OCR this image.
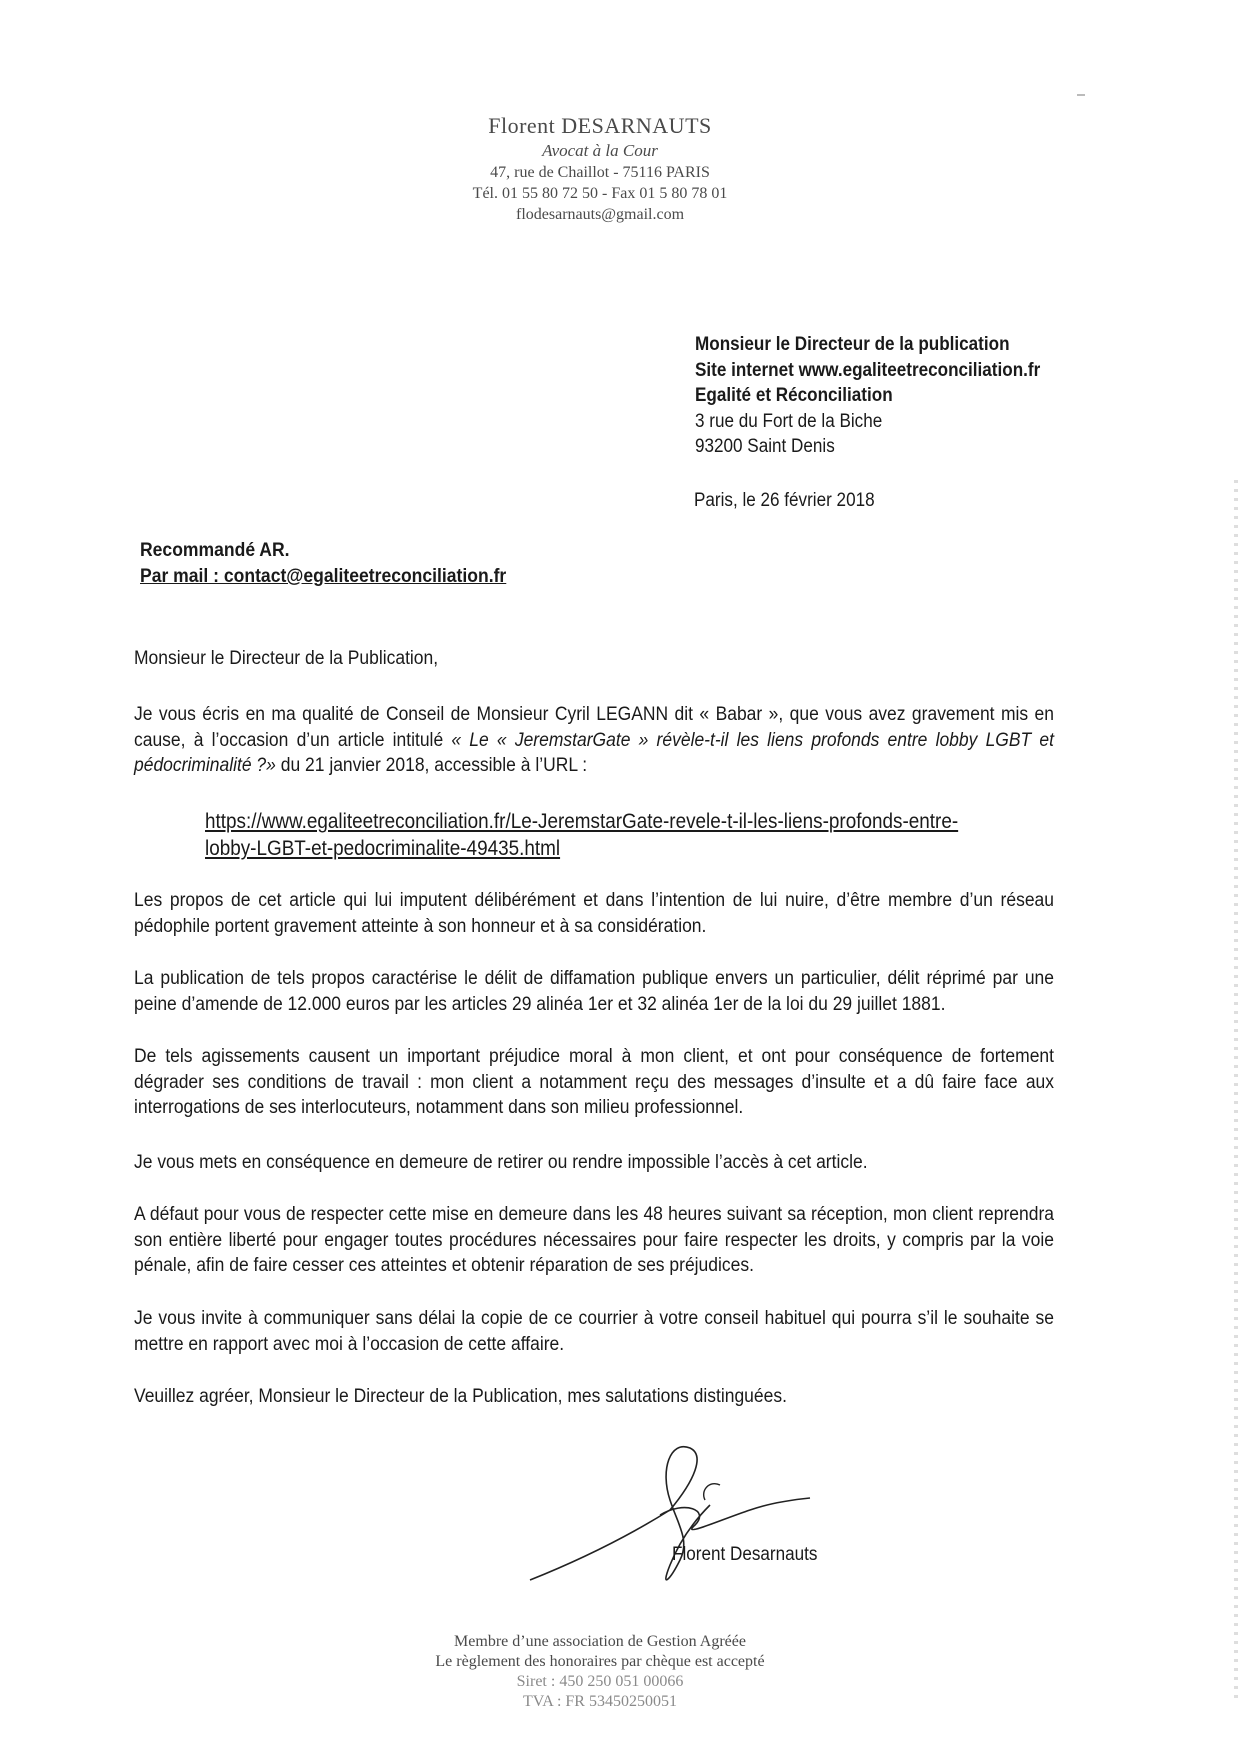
Florent DESARNAUTS
Avocat à la Cour
47, rue de Chaillot - 75116 PARIS
Tél. 01 55 80 72 50 - Fax 01 5 80 78 01
flodesarnauts@gmail.com
Monsieur le Directeur de la publication
Site internet www.egaliteetreconciliation.fr
Egalité et Réconciliation
3 rue du Fort de la Biche
93200 Saint Denis
Paris, le 26 février 2018
Recommandé AR.
Par mail : contact@egaliteetreconciliation.fr
Monsieur le Directeur de la Publication,
Je vous écris en ma qualité de Conseil de Monsieur Cyril LEGANN dit « Babar », que vous avez gravement mis en cause, à l’occasion d’un article intitulé « Le « JeremstarGate » révèle-t-il les liens profonds entre lobby LGBT et pédocriminalité ?» du 21 janvier 2018, accessible à l’URL :
https://www.egaliteetreconciliation.fr/Le-JeremstarGate-revele-t-il-les-liens-profonds-entre-
lobby-LGBT-et-pedocriminalite-49435.html
Les propos de cet article qui lui imputent délibérément et dans l’intention de lui nuire, d’être membre d’un réseau pédophile portent gravement atteinte à son honneur et à sa considération.
La publication de tels propos caractérise le délit de diffamation publique envers un particulier, délit réprimé par une peine d’amende de 12.000 euros par les articles 29 alinéa 1er et 32 alinéa 1er de la loi du 29 juillet 1881.
De tels agissements causent un important préjudice moral à mon client, et ont pour conséquence de fortement dégrader ses conditions de travail : mon client a notamment reçu des messages d’insulte et a dû faire face aux interrogations de ses interlocuteurs, notamment dans son milieu professionnel.
Je vous mets en conséquence en demeure de retirer ou rendre impossible l’accès à cet article.
A défaut pour vous de respecter cette mise en demeure dans les 48 heures suivant sa réception, mon client reprendra son entière liberté pour engager toutes procédures nécessaires pour faire respecter les droits, y compris par la voie pénale, afin de faire cesser ces atteintes et obtenir réparation de ses préjudices.
Je vous invite à communiquer sans délai la copie de ce courrier à votre conseil habituel qui pourra s’il le souhaite se mettre en rapport avec moi à l’occasion de cette affaire.
Veuillez agréer, Monsieur le Directeur de la Publication, mes salutations distinguées.
Florent Desarnauts
Membre d’une association de Gestion Agréée
Le règlement des honoraires par chèque est accepté
Siret : 450 250 051 00066
TVA : FR 53450250051
